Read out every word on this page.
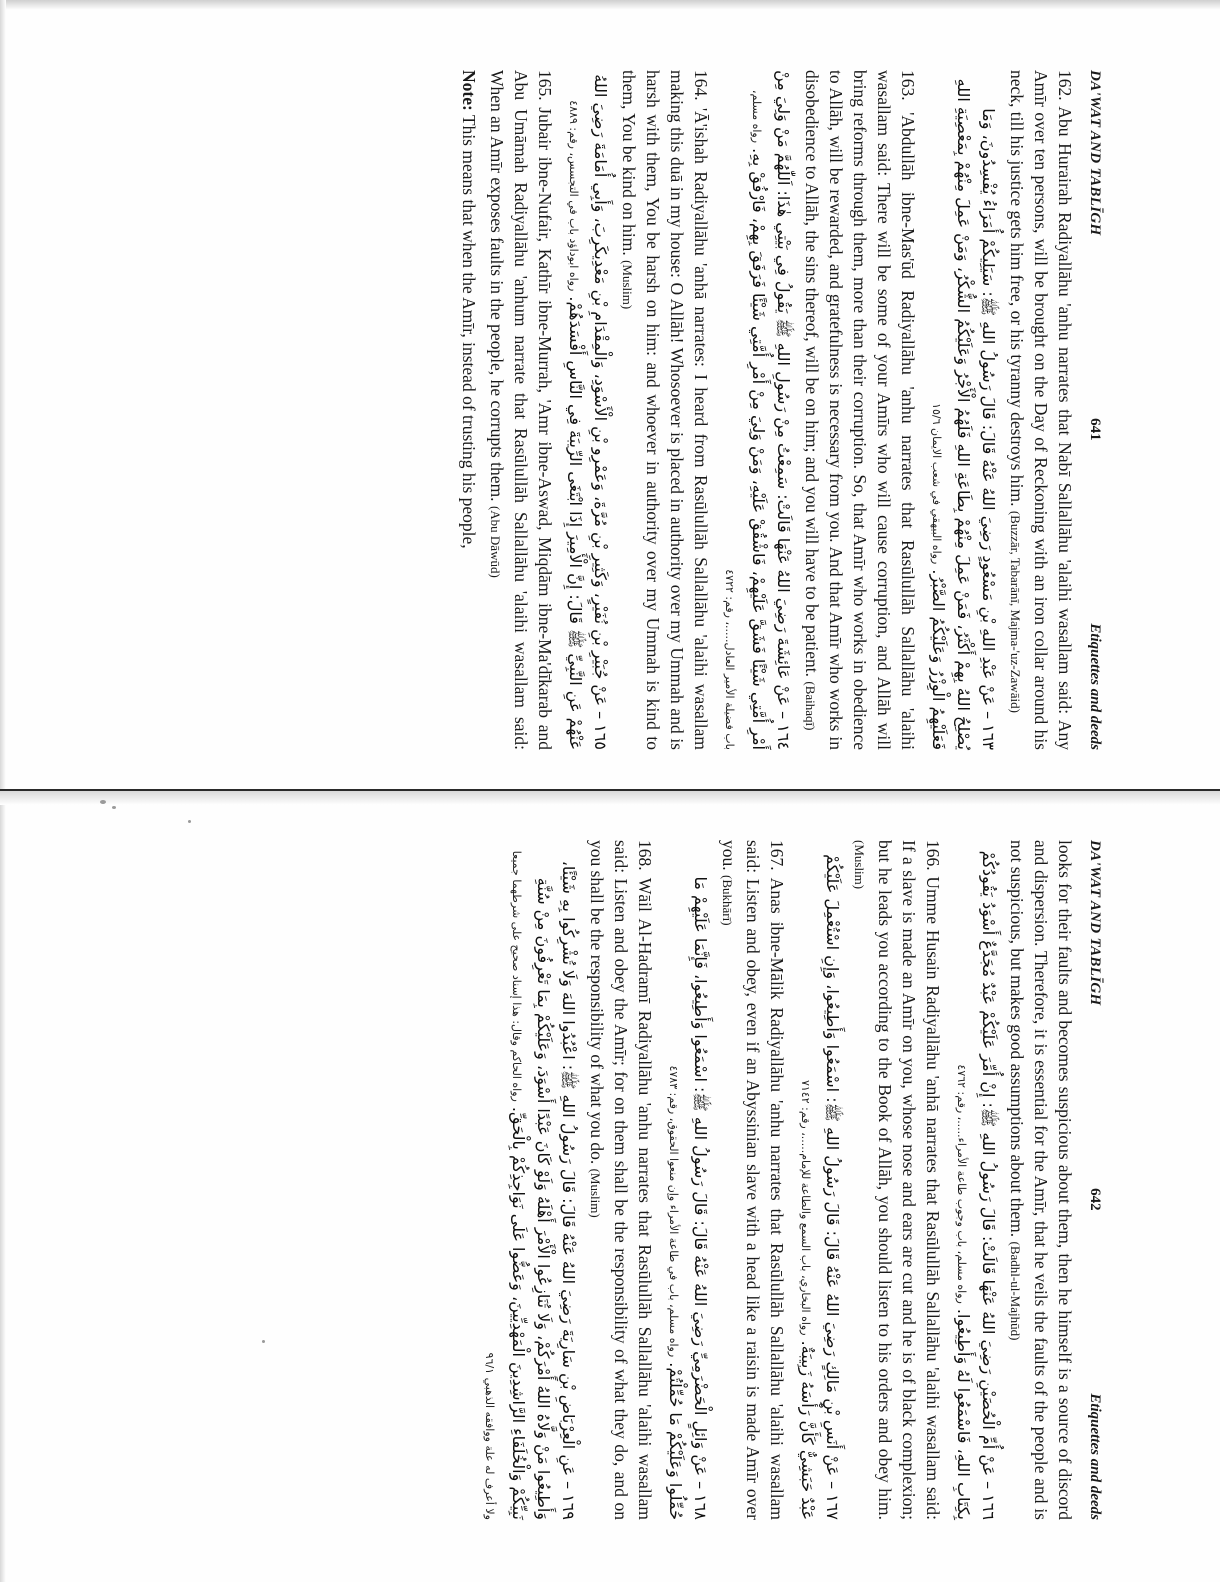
DA'WAT AND TABLĪGH
641
Etiquettes and deeds

162. Abu Hurairah Radiyallāhu 'anhu narrates that Nabī Sallallāhu 'alaihi wasallam said: Any Amīr over ten persons, will be brought on the Day of Reckoning with an iron collar around his neck, till his justice gets him free, or his tyranny destroys him. (Buzzār, Tabarānī, Majma-'uz-Zawāid)

١٦٣ – عَنْ عَبْدِ اللهِ بْنِ مَسْعُودٍ رَضِيَ اللهُ عَنْهُ قَالَ: قَالَ رَسُولُ اللهِ ﷺ: سَيَلِيكُمْ أُمَرَاءُ يُفْسِدُونَ، وَمَا يُصْلِحُ اللهُ بِهِمْ أَكْثَرُ، فَمَنْ عَمِلَ مِنْهُمْ بِطَاعَةِ اللهِ فَلَهُمُ الْأَجْرُ وَعَلَيْكُمُ الشُّكْرُ، وَمَنْ عَمِلَ مِنْهُمْ بِمَعْصِيَةِ اللهِ فَعَلَيْهِمُ الْوِزْرُ وَعَلَيْكُمُ الصَّبْرُ. رواه البيهقي في شعب الايمان ١٥/٦

163. 'Abdullāh ibne-Mas'ūd Radiyallāhu 'anhu narrates that Rasūlullāh Sallallāhu 'alaihi wasallam said: There will be some of your Amīrs who will cause corruption, and Allāh will bring reforms through them, more than their corruption. So, that Amīr who works in obedience to Allāh, will be rewarded, and gratefulness is necessary from you. And that Amīr who works in disobedience to Allāh, the sins thereof, will be on him; and you will have to be patient. (Baihaqī)

١٦٤ – عَنْ عَائِشَةَ رَضِيَ اللهُ عَنْهَا قَالَتْ: سَمِعْتُ مِنْ رَسُولِ اللهِ ﷺ يَقُولُ فِي بَيْتِي هٰذَا: اَللّٰهُمَّ مَنْ وَلِيَ مِنْ أَمْرِ أُمَّتِي شَيْئًا فَشَقَّ عَلَيْهِمْ، فَاشْقُقْ عَلَيْهِ، وَمَنْ وَلِيَ مِنْ أَمْرِ أُمَّتِي شَيْئًا فَرَفَقَ بِهِمْ، فَارْفُقْ بِهِ. رواه مسلم، باب فضيلة الأمير العادل.....، رقم: ٤٧٢٢

164. 'Ā'ishah Radiyallāhu 'anhā narrates: I heard from Rasūlullāh Sallallāhu 'alaihi wasallam making this duā in my house: O Allāh! Whosoever is placed in authority over my Ummah and is harsh with them, You be harsh on him: and whoever in authority over my Ummah is kind to them, You be kind on him. (Muslim)

١٦٥ – عَنْ جُبَيْرِ بْنِ نُفَيْرٍ، وَكَثِيرِ بْنِ مُرَّةَ، وَعَمْرِو بْنِ الْأَسْوَدِ، وَالْمِقْدَامِ بْنِ مَعْدِيكَرِبَ، وَأَبِي أُمَامَةَ رَضِيَ اللهُ عَنْهُمْ عَنِ النَّبِيِّ ﷺ قَالَ: إِنَّ الْأَمِيرَ إِذَا ابْتَغَى الرِّيبَةَ فِي النَّاسِ أَفْسَدَهُمْ. رواه ابوداؤد باب في التجسس، رقم: ٤٨٨٩

165. Jubair ibne-Nufair, Kathīr ibne-Murrah, 'Amr ibne-Aswad, Miqdām ibne-Ma'dīkarab and Abu Umāmah Radiyallāhu 'anhum narrate that Rasūlullāh Sallallāhu 'alaihi wasallam said: When an Amīr exposes faults in the people, he corrupts them. (Abu Dāwūd)

Note: This means that when the Amīr, instead of trusting his people,

DA'WAT AND TABLĪGH
642
Etiquettes and deeds

looks for their faults and becomes suspicious about them, then he himself is a source of discord and dispersion. Therefore, it is essential for the Amīr, that he veils the faults of the people and is not suspicious, but makes good assumptions about them. (Badhl-ul-Majhūd)

١٦٦ – عَنْ أُمِّ الْحُصَيْنِ رَضِيَ اللهُ عَنْهَا قَالَتْ: قَالَ رَسُولُ اللهِ ﷺ: إِنْ أُمِّرَ عَلَيْكُمْ عَبْدٌ مُجَدَّعٌ أَسْوَدُ يَقُودُكُمْ بِكِتَابِ اللهِ، فَاسْمَعُوا لَهُ وَأَطِيعُوا. رواه مسلم، باب وجوب طاعة الأمراء.....، رقم: ٤٧٦٢

166. Umme Husain Radiyallāhu 'anhā narrates that Rasūlullāh Sallallāhu 'alaihi wasallam said: If a slave is made an Amīr on you, whose nose and ears are cut and he is of black complexion; but he leads you according to the Book of Allāh, you should listen to his orders and obey him. (Muslim)

١٦٧ – عَنْ أَنَسِ بْنِ مَالِكٍ رَضِيَ اللهُ عَنْهُ قَالَ: قَالَ رَسُولُ اللهِ ﷺ: اسْمَعُوا وَأَطِيعُوا، وَإِنِ اسْتُعْمِلَ عَلَيْكُمْ عَبْدٌ حَبَشِيٌّ كَأَنَّ رَأْسَهُ زَبِيبَةٌ. رواه البخاري، باب السمع والطاعة للإمام.....، رقم: ٧١٤٢

167. Anas ibne-Mālik Radiyallāhu 'anhu narrates that Rasūlullāh Sallallāhu 'alaihi wasallam said: Listen and obey, even if an Abyssinian slave with a head like a raisin is made Amīr over you. (Bukhārī)

١٦٨ – عَنْ وَائِلٍ الْحَضْرَمِيِّ رَضِيَ اللهُ عَنْهُ قَالَ: قَالَ رَسُولُ اللهِ ﷺ: اسْمَعُوا وَأَطِيعُوا، فَإِنَّمَا عَلَيْهِمْ مَا حُمِّلُوا وَعَلَيْكُمْ مَا حُمِّلْتُمْ. رواه مسلم، باب في طاعة الأمراء وإن منعوا الحقوق، رقم: ٤٧٨٣

168. Wāil Al-Hadramī Radiyallāhu 'anhu narrates that Rasūlullāh Sallallāhu 'alaihi wasallam said: Listen and obey the Amīr; for on them shall be the responsibility of what they do, and on you shall be the responsibility of what you do. (Muslim)

١٦٩ – عَنِ الْعِرْبَاضِ بْنِ سَارِيَةَ رَضِيَ اللهُ عَنْهُ قَالَ: قَالَ رَسُولُ اللهِ ﷺ: اعْبُدُوا اللهَ وَلَا تُشْرِكُوا بِهِ شَيْئًا، وَأَطِيعُوا مَنْ وَلَّاهُ اللهُ أَمْرَكُمْ، وَلَا تُنَازِعُوا الْأَمْرَ أَهْلَهُ وَلَوْ كَانَ عَبْدًا أَسْوَدَ، وَعَلَيْكُمْ بِمَا تَعْرِفُونَ مِنْ سُنَّةِ نَبِيِّكُمْ وَالْخُلَفَاءِ الرَّاشِدِينَ الْمَهْدِيِّينَ، وَعَضُّوا عَلَى نَوَاجِذِكُمْ بِالْحَقِّ. رواه الحاكم وقال: هذا إسناد صحيح على شرطهما جميعا ولا أعرف له علة ووافقه الذهبي ٩٦/١
